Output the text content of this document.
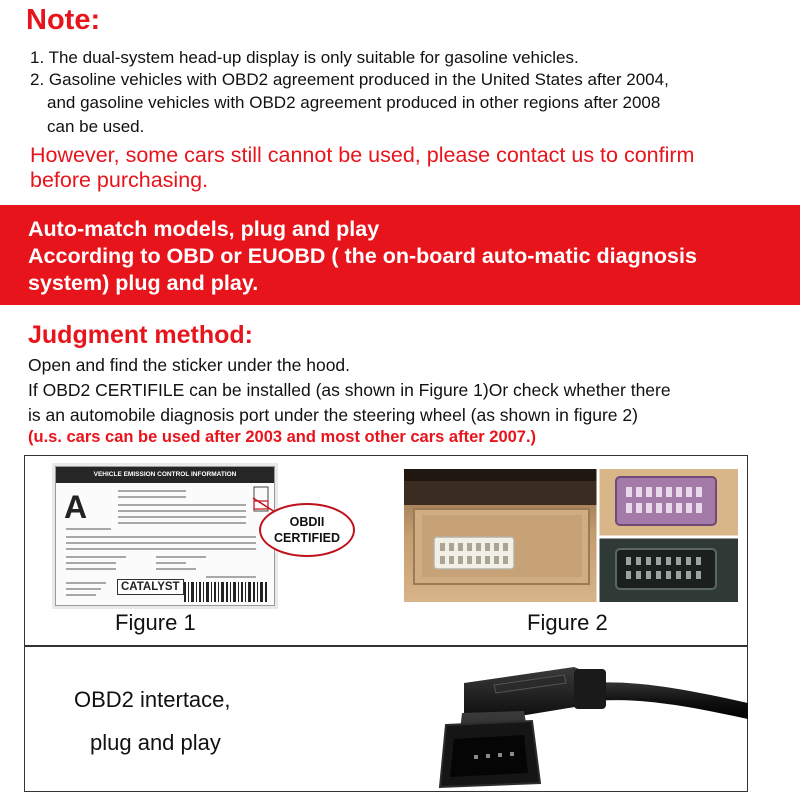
Note:
1. The dual-system head-up display is only suitable for gasoline vehicles.
2. Gasoline vehicles with OBD2 agreement produced in the United States after 2004,
and gasoline vehicles with OBD2 agreement produced in other regions after 2008
can be used.
However, some cars still cannot be used, please contact us to confirm
before purchasing.
Auto-match models, plug and play
According to OBD or EUOBD ( the on-board auto-matic diagnosis
system) plug and play.
Judgment method:
Open and find the sticker under the hood.
If OBD2 CERTIFILE can be installed (as shown in Figure 1)Or check whether there
is an automobile diagnosis port under the steering wheel (as shown in figure 2)
(u.s. cars can be used after 2003 and most other cars after 2007.)
VEHICLE EMISSION CONTROL INFORMATION
A
CATALYST
OBDII
CERTIFIED
Figure 1	Figure 2
OBD2 intertace,
plug and play
